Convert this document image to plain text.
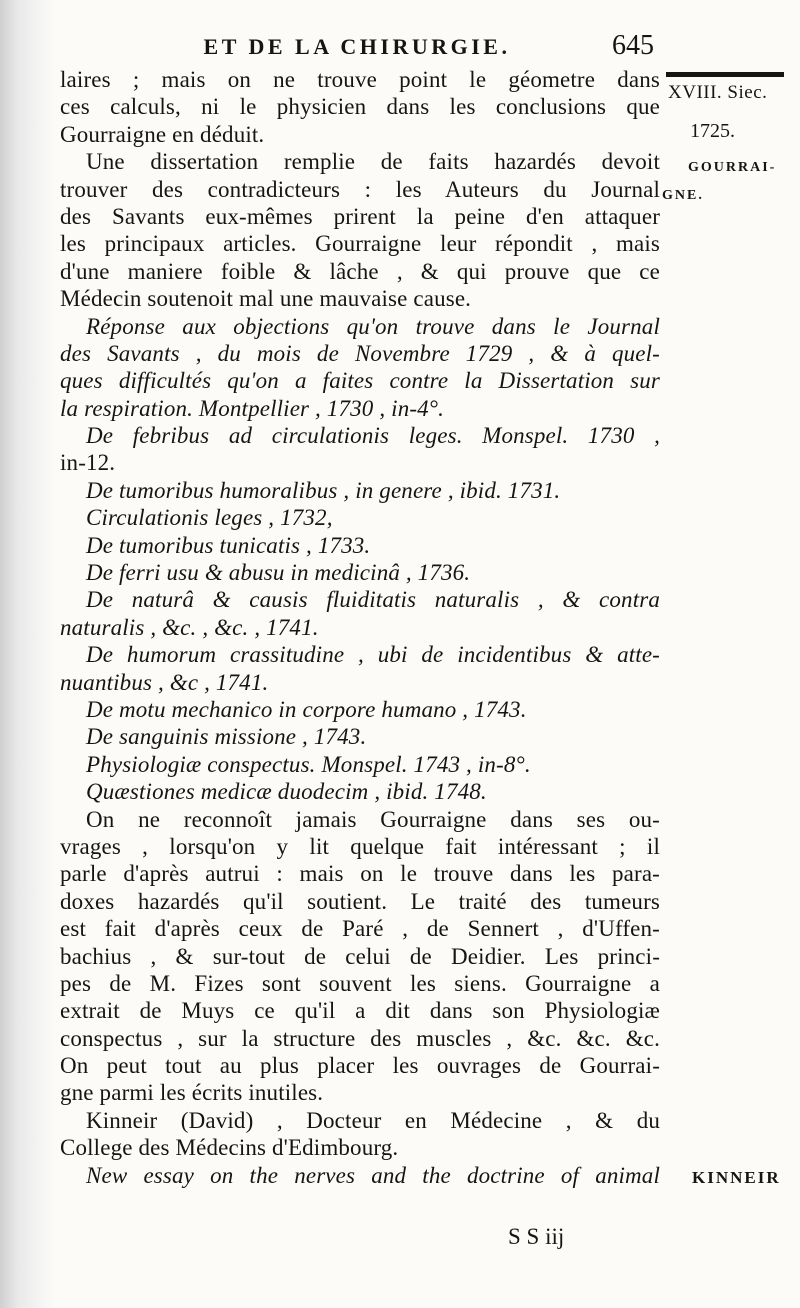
ET DE LA CHIRURGIE.	645
XVIII. Siec.
1725.
GOURRAI-
GNE.
KINNEIR
laires ; mais on ne trouve point le géometre dans
ces calculs, ni le physicien dans les conclusions que
Gourraigne en déduit.
Une dissertation remplie de faits hazardés devoit
trouver des contradicteurs : les Auteurs du Journal
des Savants eux-mêmes prirent la peine d'en attaquer
les principaux articles. Gourraigne leur répondit , mais
d'une maniere foible & lâche , & qui prouve que ce
Médecin soutenoit mal une mauvaise cause.
Réponse aux objections qu'on trouve dans le Journal
des Savants , du mois de Novembre 1729 , & à quel-
ques difficultés qu'on a faites contre la Dissertation sur
la respiration. Montpellier , 1730 , in-4°.
De febribus ad circulationis leges. Monspel. 1730 ,
in-12.
De tumoribus humoralibus , in genere , ibid. 1731.
Circulationis leges , 1732,
De tumoribus tunicatis , 1733.
De ferri usu & abusu in medicinâ , 1736.
De naturâ & causis fluiditatis naturalis , & contra
naturalis , &c. , &c. , 1741.
De humorum crassitudine , ubi de incidentibus & atte-
nuantibus , &c , 1741.
De motu mechanico in corpore humano , 1743.
De sanguinis missione , 1743.
Physiologiæ conspectus. Monspel. 1743 , in-8°.
Quæstiones medicæ duodecim , ibid. 1748.
On ne reconnoît jamais Gourraigne dans ses ou-
vrages , lorsqu'on y lit quelque fait intéressant ; il
parle d'après autrui : mais on le trouve dans les para-
doxes hazardés qu'il soutient. Le traité des tumeurs
est fait d'après ceux de Paré , de Sennert , d'Uffen-
bachius , & sur-tout de celui de Deidier. Les princi-
pes de M. Fizes sont souvent les siens. Gourraigne a
extrait de Muys ce qu'il a dit dans son Physiologiæ
conspectus , sur la structure des muscles , &c. &c. &c.
On peut tout au plus placer les ouvrages de Gourrai-
gne parmi les écrits inutiles.
Kinneir (David) , Docteur en Médecine , & du
College des Médecins d'Edimbourg.
New essay on the nerves and the doctrine of animal
S S iij
